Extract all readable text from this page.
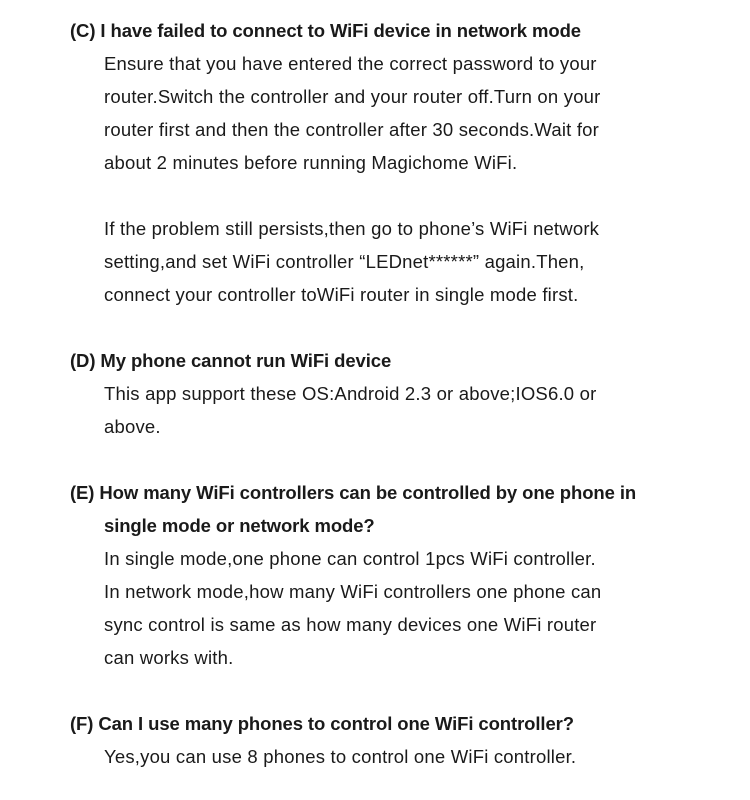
(C) I have failed to connect to WiFi device in network mode
Ensure that you have entered the correct password to your
router.Switch the controller and your router off.Turn on your
router first and then the controller after 30 seconds.Wait for
about 2 minutes before running Magichome WiFi.
If the problem still persists,then go to phone’s WiFi network
setting,and set WiFi controller “LEDnet******” again.Then,
connect your controller toWiFi router in single mode first.
(D) My phone cannot run WiFi device
This app support these OS:Android 2.3 or above;IOS6.0 or
above.
(E) How many WiFi controllers can be controlled by one phone in
single mode or network mode?
In single mode,one phone can control 1pcs WiFi controller.
In network mode,how many WiFi controllers one phone can
sync control is same as how many devices one WiFi router
can works with.
(F) Can I use many phones to control one WiFi controller?
Yes,you can use 8 phones to control one WiFi controller.
